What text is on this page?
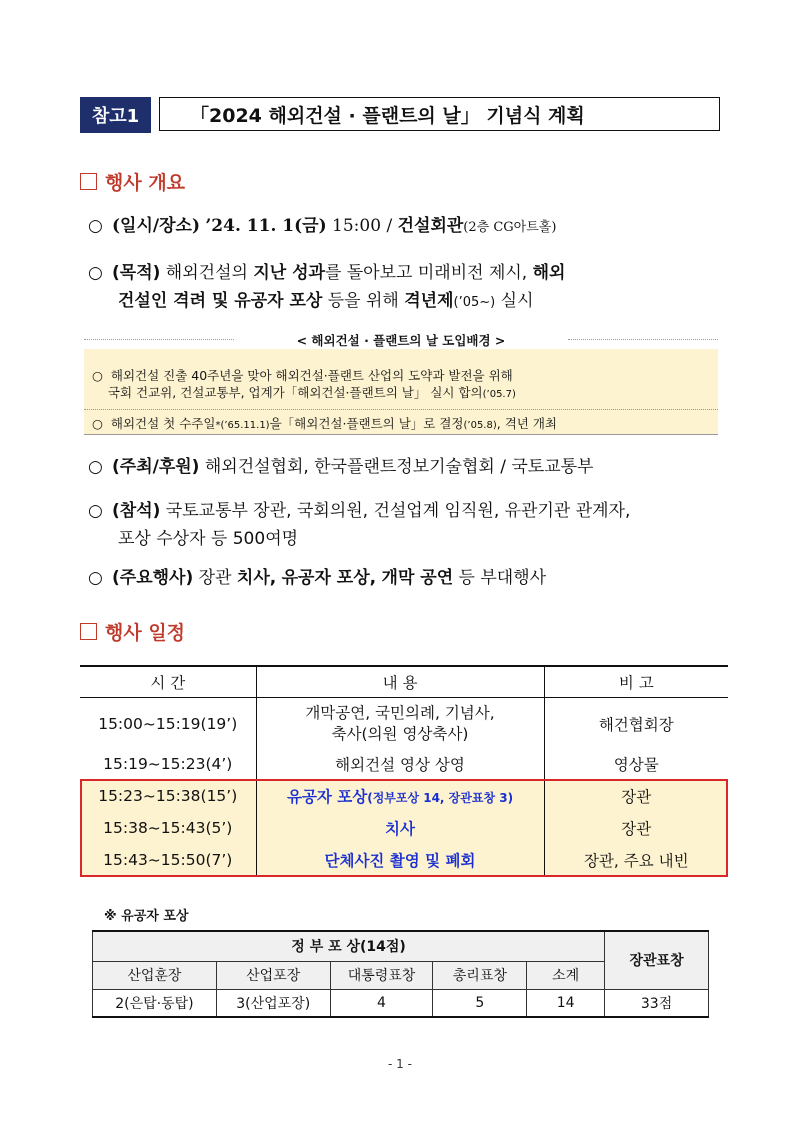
참고1	「2024 해외건설 · 플랜트의 날」 기념식 계획
행사 개요
○ (일시/장소) ’24. 11. 1(금) 15:00 / 건설회관(2층 CG아트홀)
○ (목적) 해외건설의 지난 성과를 돌아보고 미래비전 제시, 해외
건설인 격려 및 유공자 포상 등을 위해 격년제(’05~) 실시
< 해외건설 · 플랜트의 날 도입배경 >
○ 해외건설 진출 40주년을 맞아 해외건설·플랜트 산업의 도약과 발전을 위해
국회 건교위, 건설교통부, 업계가「해외건설·플랜트의 날」 실시 합의(’05.7)
○ 해외건설 첫 수주일*(’65.11.1)을「해외건설·플랜트의 날」로 결정(’05.8), 격년 개최
○ (주최/후원) 해외건설협회, 한국플랜트정보기술협회 / 국토교통부
○ (참석) 국토교통부 장관, 국회의원, 건설업계 임직원, 유관기관 관계자,
포상 수상자 등 500여명
○ (주요행사) 장관 치사, 유공자 포상, 개막 공연 등 부대행사
행사 일정
시 간	내 용	비 고
15:00~15:19(19’)	개막공연, 국민의례, 기념사,
축사(의원 영상축사)	해건협회장
15:19~15:23(4’)	해외건설 영상 상영	영상물
15:23~15:38(15’)	유공자 포상(정부포상 14, 장관표창 3)	장관
15:38~15:43(5’)	치사	장관
15:43~15:50(7’)	단체사진 촬영 및 폐회	장관, 주요 내빈
※ 유공자 포상
정 부 포 상(14점)					장관표창
산업훈장	산업포장	대통령표창	총리표창	소계	
2(은탑·동탑)	3(산업포장)	4	5	14	33점
- 1 -
